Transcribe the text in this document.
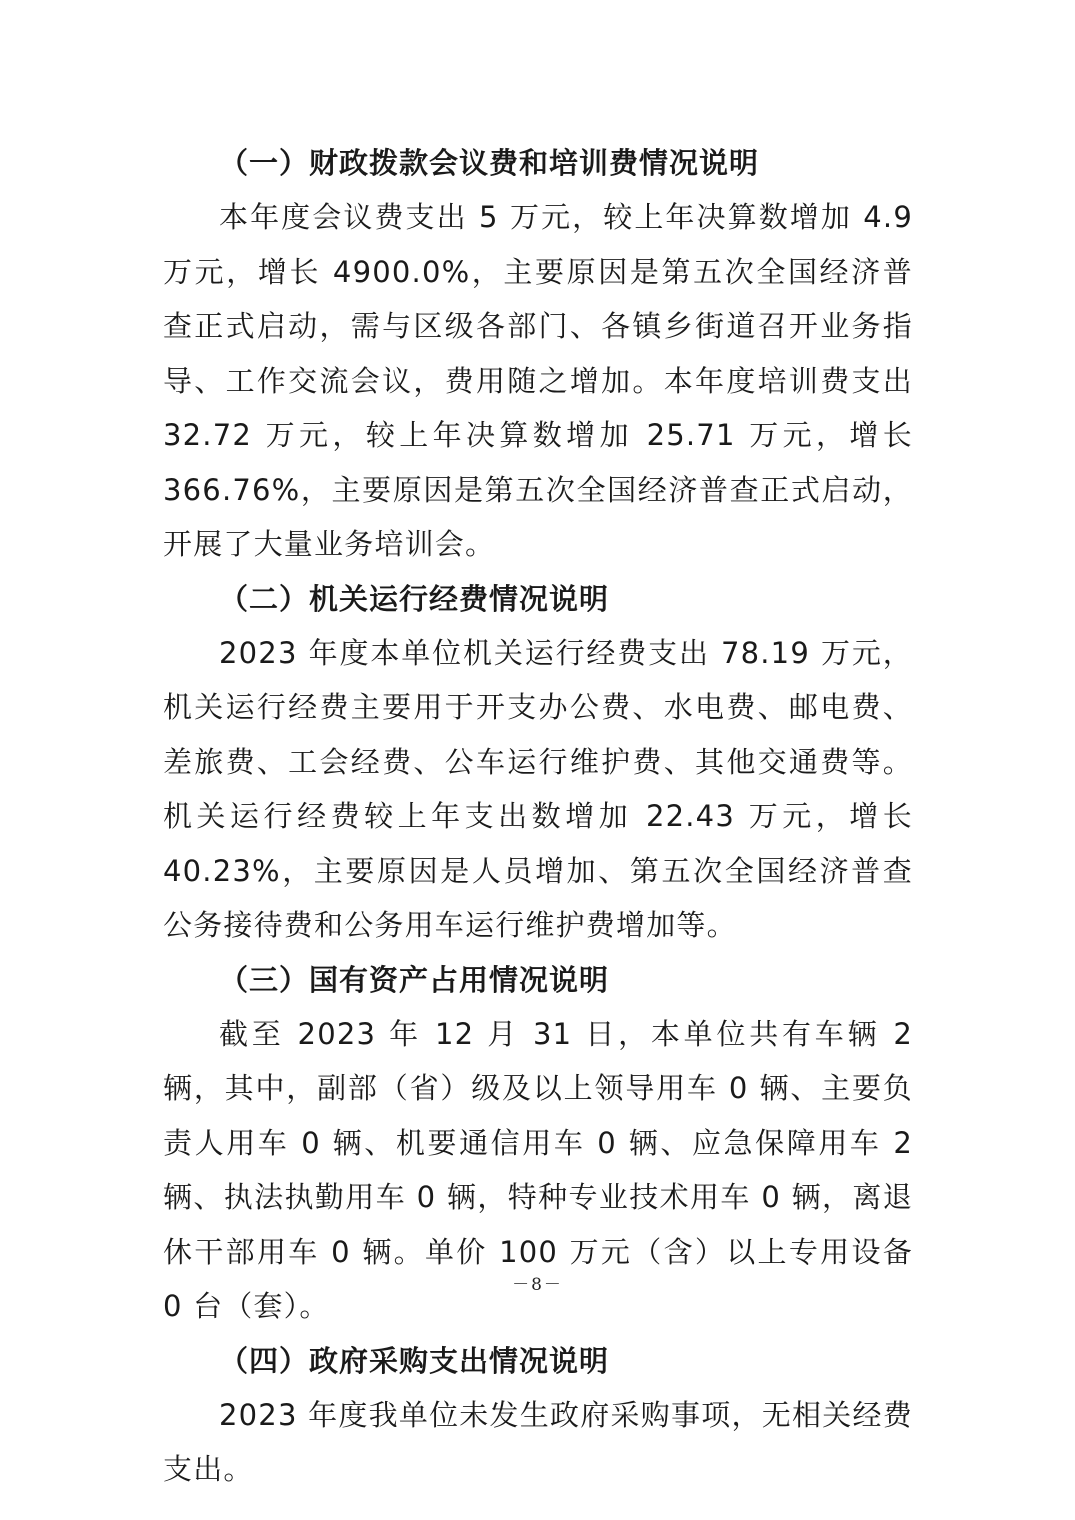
（一）财政拨款会议费和培训费情况说明

本年度会议费支出 5 万元，较上年决算数增加 4.9 万元，增长 4900.0%，主要原因是第五次全国经济普查正式启动，需与区级各部门、各镇乡街道召开业务指导、工作交流会议，费用随之增加。本年度培训费支出 32.72 万元，较上年决算数增加 25.71 万元，增长 366.76%，主要原因是第五次全国经济普查正式启动，开展了大量业务培训会。

（二）机关运行经费情况说明

2023 年度本单位机关运行经费支出 78.19 万元，机关运行经费主要用于开支办公费、水电费、邮电费、差旅费、工会经费、公车运行维护费、其他交通费等。机关运行经费较上年支出数增加 22.43 万元，增长 40.23%，主要原因是人员增加、第五次全国经济普查公务接待费和公务用车运行维护费增加等。

（三）国有资产占用情况说明

截至 2023 年 12 月 31 日，本单位共有车辆 2 辆，其中，副部（省）级及以上领导用车 0 辆、主要负责人用车 0 辆、机要通信用车 0 辆、应急保障用车 2 辆、执法执勤用车 0 辆，特种专业技术用车 0 辆，离退休干部用车 0 辆。单价 100 万元（含）以上专用设备 0 台（套）。

（四）政府采购支出情况说明

2023 年度我单位未发生政府采购事项，无相关经费支出。

－8－
